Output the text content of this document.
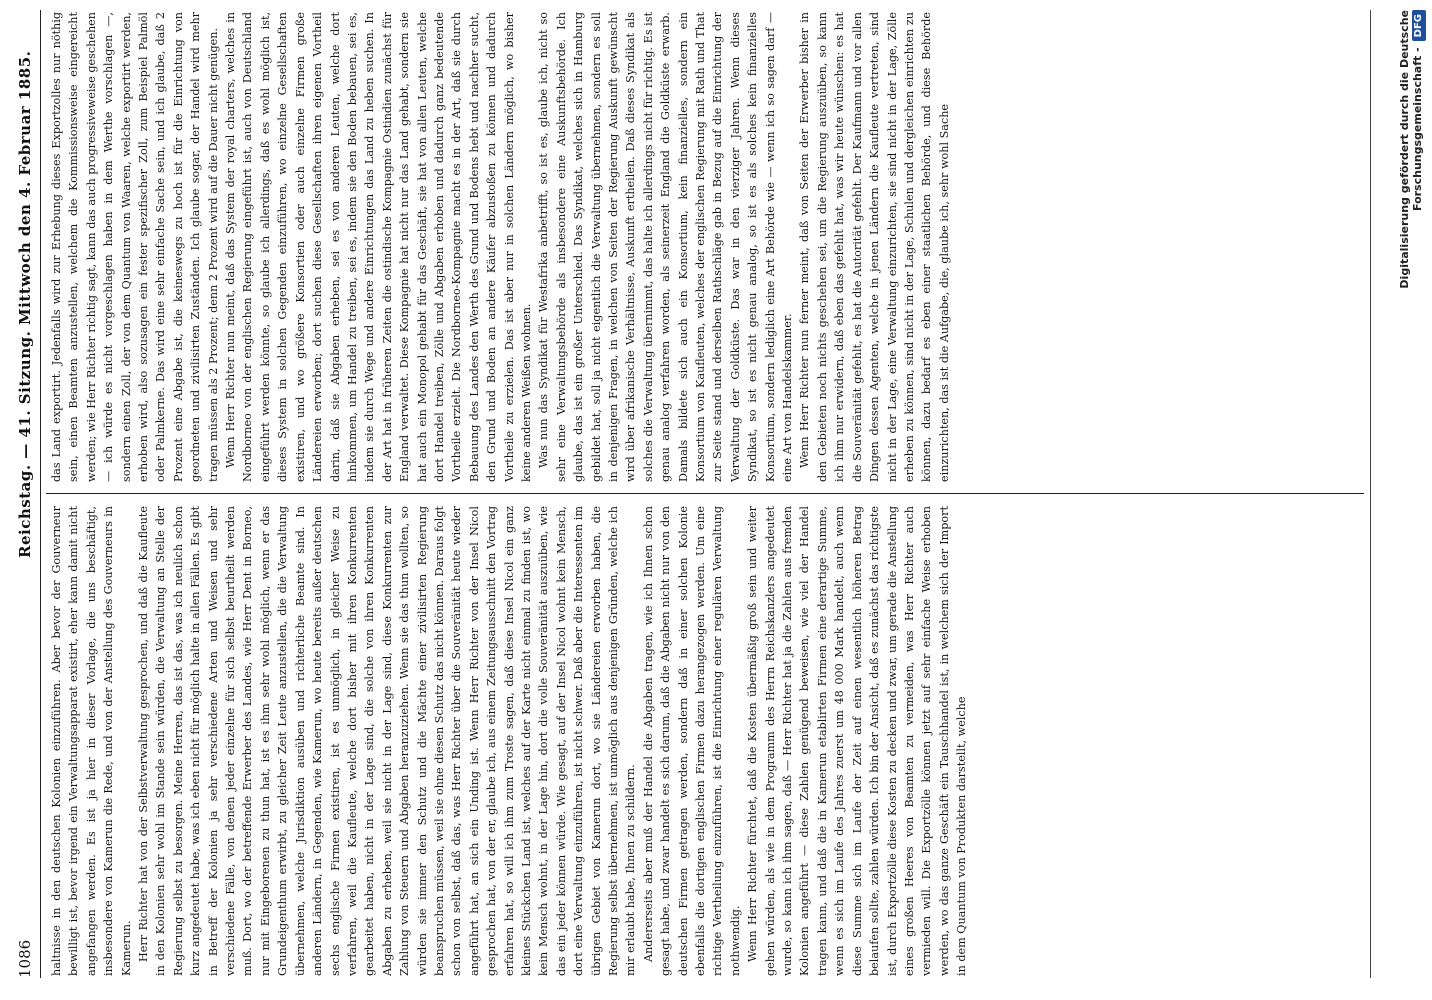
1086
Reichstag. — 41. Sitzung. Mittwoch den 4. Februar 1885.

haltnisse in den deutschen Kolonien einzuführen. Aber bevor der Gouverneur bewilligt ist, bevor irgend ein Verwaltungsapparat existirt, eher kann damit nicht angefangen werden. Es ist ja hier in dieser Vorlage, die uns beschäftigt, insbesondere von Kamerun die Rede, und von der Anstellung des Gouverneurs in Kamerun. Herr Richter hat von der Selbstverwaltung gesprochen, und daß die Kaufleute in den Kolonien sehr wohl im Stande sein würden, die Verwaltung an Stelle der Regierung selbst zu besorgen. Meine Herren, das ist das, was ich neulich schon kurz angedeutet habe, was ich eben nicht für möglich halte in allen Fällen. Es gibt in Betreff der Kolonien ja sehr verschiedene Arten und Weisen und sehr verschiedene Fälle, von denen jeder einzelne für sich selbst beurtheilt werden muß. Dort, wo der betreffende Erwerber des Landes, wie Herr Dent in Borneo, nur mit Eingeborenen zu thun hat, ist es ihm sehr wohl möglich, wenn er das Grundeigenthum erwirbt, zu gleicher Zeit Leute anzustellen, die die Verwaltung übernehmen, welche Jurisdiktion ausüben und richterliche Beamte sind. In anderen Ländern, in Gegenden, wie Kamerun, wo heute bereits außer deutschen sechs englische Firmen existiren, ist es unmöglich, in gleicher Weise zu verfahren, weil die Kaufleute, welche dort bisher mit ihren Konkurrenten gearbeitet haben, nicht in der Lage sind, die solche von ihren Konkurrenten Abgaben zu erheben, weil sie nicht in der Lage sind, diese Konkurrenten zur Zahlung von Steuern und Abgaben heranzuziehen. Wenn sie das thun wollten, so würden sie immer den Schutz und die Mächte einer zivilisirten Regierung beanspruchen müssen, weil sie ohne diesen Schutz das nicht können. Daraus folgt schon von selbst, daß das, was Herr Richter über die Souveränität heute wieder angeführt hat, an sich ein Unding ist. Wenn Herr Richter von der Insel Nicol gesprochen hat, von der er, glaube ich, aus einem Zeitungsausschnitt den Vortrag erfahren hat, so will ich ihm zum Troste sagen, daß diese Insel Nicol ein ganz kleines Stückchen Land ist, welches auf der Karte nicht einmal zu finden ist, wo kein Mensch wohnt, in der Lage hin, dort die volle Souveränität auszuüben, wie das ein jeder können würde. Wie gesagt, auf der Insel Nicol wohnt kein Mensch, dort eine Verwaltung einzuführen, ist nicht schwer. Daß aber die Interessenten im übrigen Gebiet von Kamerun dort, wo sie Ländereien erworben haben, die Regierung selbst übernehmen, ist unmöglich aus denjenigen Gründen, welche ich mir erlaubt habe, Ihnen zu schildern. Andererseits aber muß der Handel die Abgaben tragen, wie ich Ihnen schon gesagt habe, und zwar handelt es sich darum, daß die Abgaben nicht nur von den deutschen Firmen getragen werden, sondern daß in einer solchen Kolonie ebenfalls die dortigen englischen Firmen dazu herangezogen werden. Um eine richtige Vertheilung einzuführen, ist die Einrichtung einer regulären Verwaltung nothwendig. Wenn Herr Richter fürchtet, daß die Kosten übermäßig groß sein und weiter gehen würden, als wie in dem Programm des Herrn Reichskanzlers angedeutet wurde, so kann ich ihm sagen, daß — Herr Richter hat ja die Zahlen aus fremden Kolonien angeführt — diese Zahlen genügend beweisen, wie viel der Handel tragen kann, und daß die in Kamerun etablirten Firmen eine derartige Summe, wenn es sich im Laufe des Jahres zuerst um 48 000 Mark handelt, auch wenn diese Summe sich im Laufe der Zeit auf einen wesentlich höheren Betrag belaufen sollte, zahlen würden. Ich bin der Ansicht, daß es zunächst das richtigste ist, durch Exportzölle diese Kosten zu decken und zwar, um gerade die Anstellung eines großen Heeres von Beamten zu vermeiden, was Herr Richter auch vermieden will. Die Exportzölle können jetzt auf sehr einfache Weise erhoben werden, wo das ganze Geschäft ein Tauschhandel ist, in welchem sich der Import in dem Quantum von Produkten darstellt, welche

das Land exportirt. Jedenfalls wird zur Erhebung dieses Exportzolles nur nöthig sein, einen Beamten anzustellen, welchem die Kommissionsweise eingereicht werden; wie Herr Richter richtig sagt, kann das auch progressiveweise geschehen — ich würde es nicht vorgeschlagen haben in dem Werthe vorschlagen —, sondern einen Zoll, der von dem Quantum von Waaren, welche exportirt werden, erhoben wird, also sozusagen ein fester spezifischer Zoll, zum Beispiel Palmöl oder Palmkerne. Das wird eine sehr einfache Sache sein, und ich glaube, daß 2 Prozent eine Abgabe ist, die keineswegs zu hoch ist für die Einrichtung von geordneten und zivilisirten Zuständen. Ich glaube sogar, der Handel wird mehr tragen müssen als 2 Prozent; denn 2 Prozent wird auf die Dauer nicht genügen. Wenn Herr Richter nun meint, daß das System der royal charters, welches in Nordborneo von der englischen Regierung eingeführt ist, auch von Deutschland eingeführt werden könnte, so glaube ich allerdings, daß es wohl möglich ist, dieses System in solchen Gegenden einzuführen, wo einzelne Gesellschaften existiren, und wo größere Konsortien oder auch einzelne Firmen große Ländereien erworben; dort suchen diese Gesellschaften ihren eigenen Vortheil darin, daß sie Abgaben erheben, sei es von anderen Leuten, welche dort hinkommen, um Handel zu treiben, sei es, indem sie den Boden bebauen, sei es, indem sie durch Wege und andere Einrichtungen das Land zu heben suchen. In der Art hat in früheren Zeiten die ostindische Kompagnie Ostindien zunächst für England verwaltet. Diese Kompagnie hat nicht nur das Land gehabt, sondern sie hat auch ein Monopol gehabt für das Geschäft, sie hat von allen Leuten, welche dort Handel treiben, Zölle und Abgaben erhoben und dadurch ganz bedeutende Vortheile erzielt. Die Nordborneo-Kompagnie macht es in der Art, daß sie durch Bebauung des Landes den Werth des Grund und Bodens hebt und nachher sucht, den Grund und Boden an andere Käufer abzustoßen zu können und dadurch Vortheile zu erzielen. Das ist aber nur in solchen Ländern möglich, wo bisher keine anderen Weißen wohnen. Was nun das Syndikat für Westafrika anbetrifft, so ist es, glaube ich, nicht so sehr eine Verwaltungsbehörde als insbesondere eine Auskunftsbehörde. Ich glaube, das ist ein großer Unterschied. Das Syndikat, welches sich in Hamburg gebildet hat, soll ja nicht eigentlich die Verwaltung übernehmen, sondern es soll in denjenigen Fragen, in welchen von Seiten der Regierung Auskunft gewünscht wird über afrikanische Verhältnisse, Auskunft ertheilen. Daß dieses Syndikat als solches die Verwaltung übernimmt, das halte ich allerdings nicht für richtig. Es ist genau analog verfahren worden, als seinerzeit England die Goldküste erwarb. Damals bildete sich auch ein Konsortium, kein finanzielles, sondern ein Konsortium von Kaufleuten, welches der englischen Regierung mit Rath und That zur Seite stand und derselben Rathschläge gab in Bezug auf die Einrichtung der Verwaltung der Goldküste. Das war in den vierziger Jahren. Wenn dieses Syndikat, so ist es nicht genau analog, so ist es als solches kein finanzielles Konsortium, sondern lediglich eine Art Behörde wie — wenn ich so sagen darf — eine Art von Handelskammer. Wenn Herr Richter nun ferner meint, daß von Seiten der Erwerber bisher in den Gebieten noch nichts geschehen sei, um die Regierung auszuüben, so kann ich ihm nur erwidern, daß eben das gefehlt hat, was wir heute wünschen: es hat die Souveränität gefehlt, es hat die Autorität gefehlt. Der Kaufmann und vor allen Dingen dessen Agenten, welche in jenen Ländern die Kaufleute vertreten, sind nicht in der Lage, eine Verwaltung einzurichten, sie sind nicht in der Lage, Zölle erheben zu können, sind nicht in der Lage, Schulen und dergleichen einrichten zu können, dazu bedarf es eben einer staatlichen Behörde, und diese Behörde einzurichten, das ist die Aufgabe, die, glaube ich, sehr wohl Sache	Digitalisierung gefördert durch die Deutsche Forschungsgemeinschaft -DFG
